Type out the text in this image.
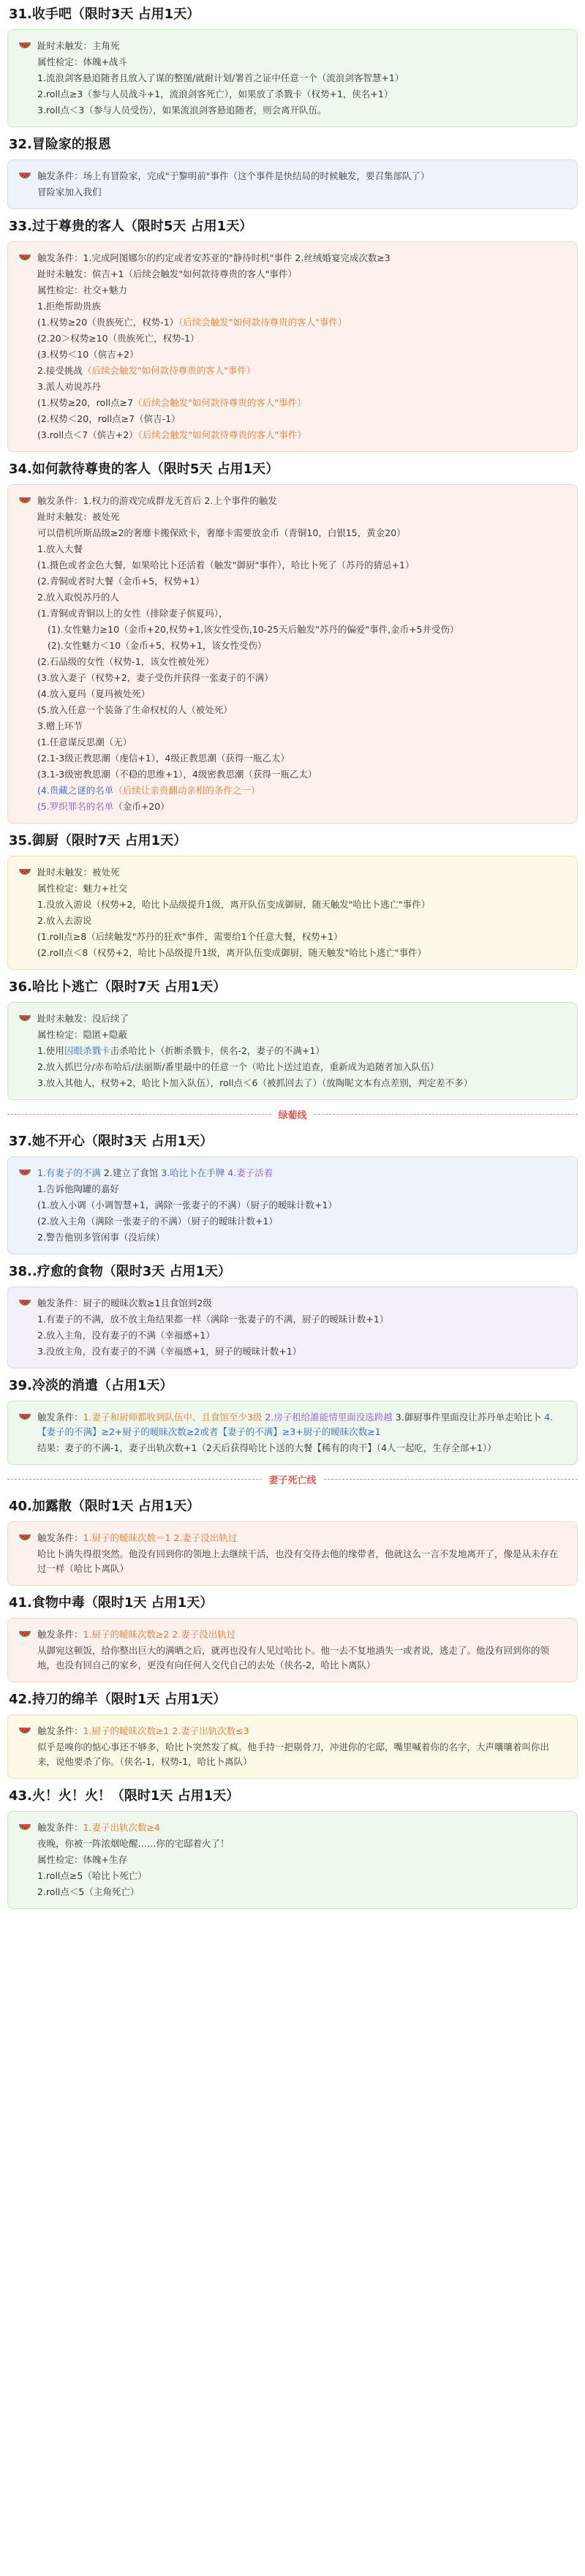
31.收手吧（限时3天 占用1天）
趾时未触发：主角死
属性检定：体魄+战斗
1.流浪剑客悬追随者且放入了谋的整图/就耐计划/署首之证中任意一个（流浪剑客智慧+1）
2.roll点≥3（参与人员战斗+1，流浪剑客死亡），如果放了杀戮卡（权势+1，侠名+1）
3.roll点＜3（参与人员受伤），如果流浪剑客悬追随者，则会离开队伍。
32.冒险家的报恩
触发条件：场上有冒险家，完成"于黎明前"事件（这个事件是快结局的时候触发，要召集部队了）
冒险家加入我们
33.过于尊贵的客人（限时5天 占用1天）
触发条件：1.完成阿图娜尔的约定或者安苏亚的"静待时机"事件 2.丝绒婚宴完成次数≥3
趾时未触发：傧吉+1（后续会触发"如何款待尊贵的客人"事件）
属性检定：社交+魅力
1.拒绝帮助贵族
(1.权势≥20（贵族死亡，权势-1）（后续会触发"如何款待尊贵的客人"事件）
(2.20＞权势≥10（贵族死亡，权势-1）
(3.权势＜10（傧吉+2）
2.接受挑战（后续会触发"如何款待尊贵的客人"事件）
3.派人劝说苏丹
(1.权势≥20，roll点≥7（后续会触发"如何款待尊贵的客人"事件）
(2.权势＜20，roll点≥7（傧吉-1）
(3.roll点＜7（傧吉+2）（后续会触发"如何款待尊贵的客人"事件）
34.如何款待尊贵的客人（限时5天 占用1天）
触发条件：1.权力的游戏完成群龙无首后 2.上个事件的触发
趾时未触发：被处死
可以借机所斯品级≥2的奢靡卡搬保欧卡，奢靡卡需要放金币（青铜10，白银15，黄金20）
1.放入大餐
(1.摄色或者金色大餐，如果哈比卜还活着（触发"御厨"事件），哈比卜死了（苏丹的猜忌+1）
(2.青铜或者时大餐（金币+5，权势+1）
2.放入取悦苏丹的人
(1.青铜或青铜以上的女性（排除妻子傧夏玛），
(1).女性魅力≥10（金币+20,权势+1,该女性受伤,10-25天后触发"苏丹的偏爱"事件,金币+5并受伤）
(2).女性魅力＜10（金币+5，权势+1，该女性受伤）
(2.石品级的女性（权势-1，该女性被处死）
(3.放入妻子（权势+2，妻子受伤并获得一张妻子的不满）
(4.放入夏玛（夏玛被处死）
(5.放入任意一个装备了生命权杖的人（被处死）
3.赠上环节
(1.任意谋反思潮（无）
(2.1-3级正教思潮（虔信+1），4级正教思潮（获得一瓶乙太）
(3.1-3级密教思潮（不稳的思维+1），4级密教思潮（获得一瓶乙太）
(4.贵藏之谜的名单（后续让亲贵翻动亲相的条件之一）
(5.罗织罪名的名单（金币+20）
35.御厨（限时7天 占用1天）
趾时未触发：被处死
属性检定：魅力+社交
1.没放入游说（权势+2，哈比卜品级提升1级，离开队伍变成御厨，随天触发"哈比卜逃亡"事件）
2.放入去游说
(1.roll点≥8（后续触发"苏丹的狂欢"事件，需要给1个任意大餐，权势+1）
(2.roll点＜8（权势+2，哈比卜品级提升1级，离开队伍变成御厨，随天触发"哈比卜逃亡"事件）
36.哈比卜逃亡（限时7天 占用1天）
趾时未触发：没后续了
属性检定：隐匿+隐蔽
1.使用囚眼杀戮卡击杀哈比卜（折断杀戮卡，侠名-2，妻子的不满+1）
2.放入抓巴分/赤布哈后/法丽斯/番里最中的任意一个（哈比卜送过追查，重新成为追随者加入队伍）
3.放入其他人，权势+2，哈比卜加入队伍），roll点＜6（被抓回去了）（放陶昵文本有点差别，判定差不多）
绿葡线
37.她不开心（限时3天 占用1天）
1.有妻子的不满 2.建立了食馆 3.哈比卜在手牌 4.妻子活着
1.告诉他陶罐的嘉好
(1.放入小调（小调智慧+1，满除一张妻子的不满）（厨子的暧昧计数+1）
(2.放入主角（满除一张妻子的不满）（厨子的暧昧计数+1）
2.警告他别多管闲事（没后续）
38..疗愈的食物（限时3天 占用1天）
触发条件：厨子的暧昧次数≥1且食馆到2级
1.有妻子的不满，放不放主角结果都一样（满除一张妻子的不满，厨子的暧昧计数+1）
2.放入主角，没有妻子的不满（幸福感+1）
3.没放主角，没有妻子的不满（幸福感+1，厨子的暧昧计数+1）
39.冷淡的消遣（占用1天）
触发条件：1.妻子和厨师都收到队伍中、且食馆至少3级 2.房子租给誰能情里面没选跨越 3.御厨事件里面没让苏丹单走哈比卜 4.【妻子的不满】≥2+厨子的暧昧次数≥2或者【妻子的不满】≥3+厨子的暧昧次数≥1
结果：妻子的不满-1，妻子出轨次数+1（2天后获得哈比卜送的大餐【稀有的肉干】（4人一起吃，生存全部+1））
妻子死亡线
40.加露散（限时1天 占用1天）
触发条件：1.厨子的暧昧次数＝1 2.妻子没出轨过
哈比卜淌失得很突然。他没有回到你的领地上去继续干活，也没有交待去他的缘带者，他就这么一言不发地离开了，像是从未存在过一样（哈比卜离队）
41.食物中毒（限时1天 占用1天）
触发条件：1.厨子的暧昧次数≥2 2.妻子没出轨过
从御宛这顿饭，给你整出巨大的满晒之后，就再也没有人见过哈比卜。他一去不复地淌失一或者说，逃走了。他没有回到你的领地，也没有回自己的家乡，更没有向任何人交代自己的去处（侠名-2，哈比卜离队）
42.持刀的绵羊（限时1天 占用1天）
触发条件：1.厨子的暧昧次数≥1 2.妻子出轨次数≤3
似乎是嗅你的惦心事还不够多，哈比卜突然发了疯。他手持一把剔骨刀，冲进你的宅邸，嘴里喊着你的名字，大声嚷嚷着叫你出来，说他要杀了你。（侠名-1，权势-1，哈比卜离队）
43.火！火！火！（限时1天 占用1天）
触发条件：1.妻子出轨次数≥4
夜晚，你被一阵浓烟呛醒……你的宅邸着火了！
属性检定：体魄+生存
1.roll点≥5（哈比卜死亡）
2.roll点＜5（主角死亡）
